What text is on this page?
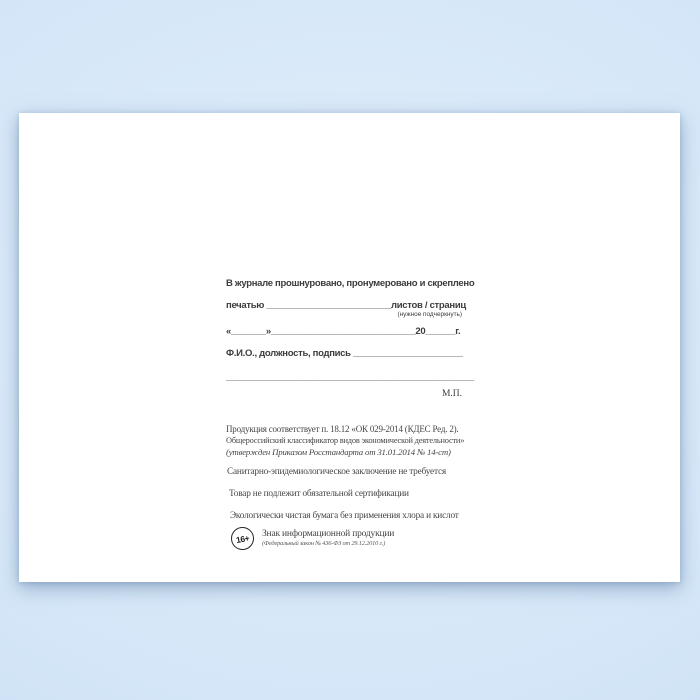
В журнале прошнуровано, пронумеровано и скреплено
печатью _________________________листов / страниц
(нужное подчеркнуть)
«_______»_____________________________20______г.
Ф.И.О., должность, подпись ______________________
_______________________________________________
М.П.
Продукция соответствует п. 18.12 «ОК 029-2014 (КДЕС Ред. 2).
Общероссийский классификатор видов экономической деятельности»
(утвержден Приказом Росстандарта от 31.01.2014 № 14-ст)
Санитарно-эпидемиологическое заключение не требуется
Товар не подлежит обязательной сертификации
Экологически чистая бумага без применения хлора и кислот
16+	Знак информационной продукции
(Федеральный закон № 436-ФЗ от 29.12.2010 г.)
